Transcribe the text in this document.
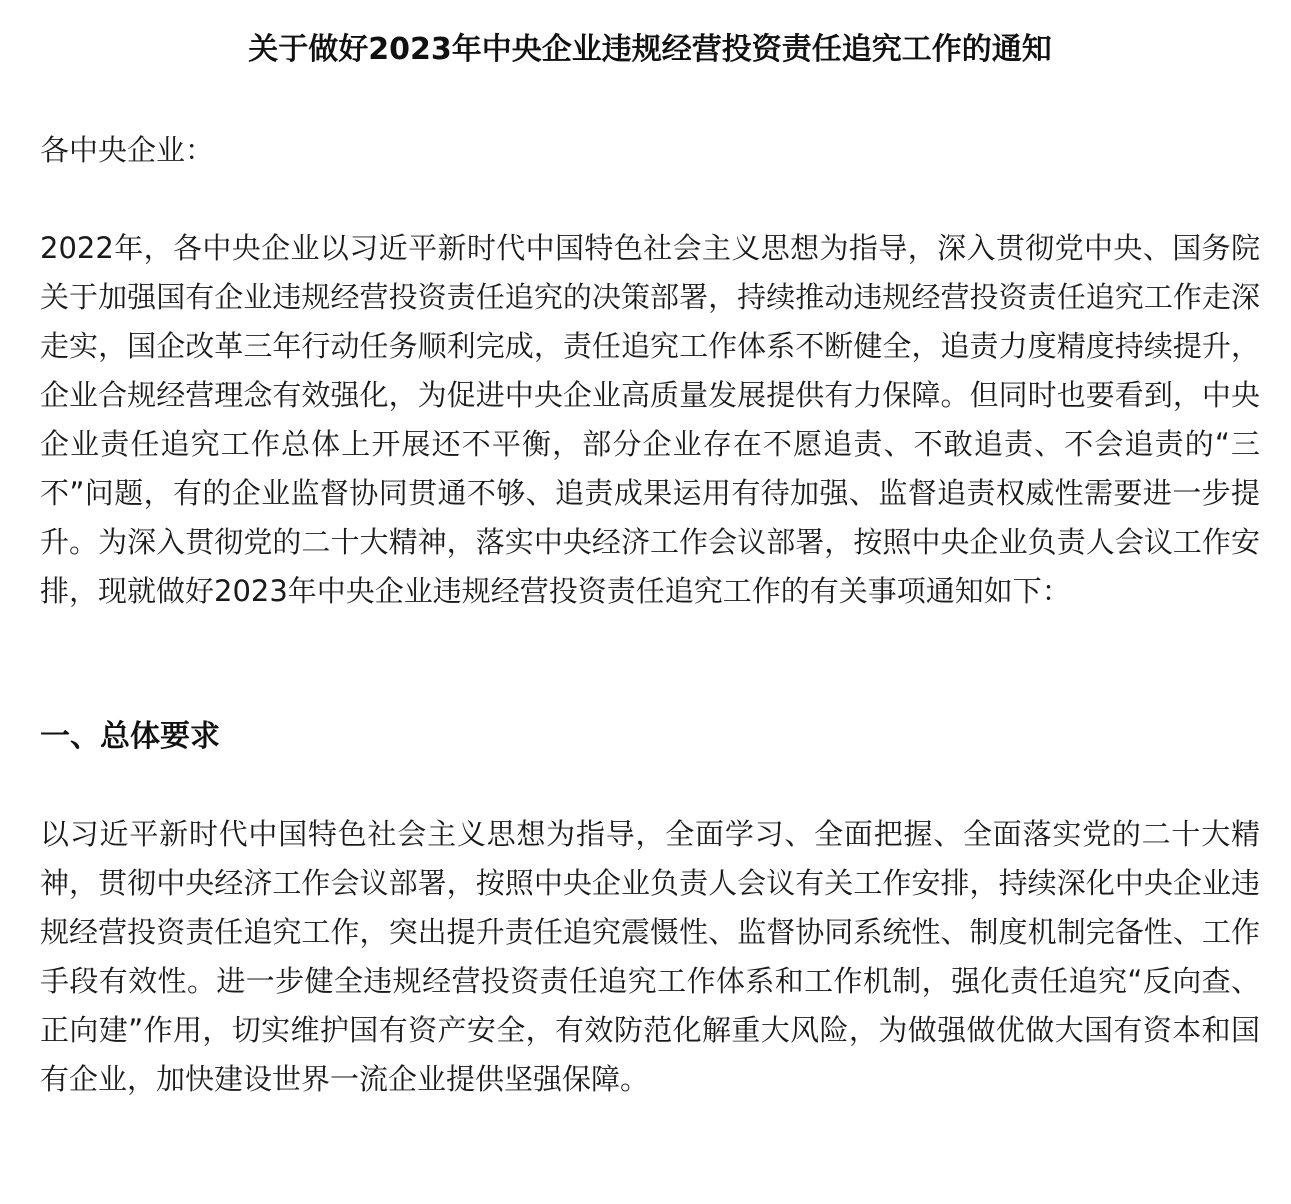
关于做好2023年中央企业违规经营投资责任追究工作的通知

各中央企业：

2022年，各中央企业以习近平新时代中国特色社会主义思想为指导，深入贯彻党中央、国务院关于加强国有企业违规经营投资责任追究的决策部署，持续推动违规经营投资责任追究工作走深走实，国企改革三年行动任务顺利完成，责任追究工作体系不断健全，追责力度精度持续提升，企业合规经营理念有效强化，为促进中央企业高质量发展提供有力保障。但同时也要看到，中央企业责任追究工作总体上开展还不平衡，部分企业存在不愿追责、不敢追责、不会追责的“三不”问题，有的企业监督协同贯通不够、追责成果运用有待加强、监督追责权威性需要进一步提升。为深入贯彻党的二十大精神，落实中央经济工作会议部署，按照中央企业负责人会议工作安排，现就做好2023年中央企业违规经营投资责任追究工作的有关事项通知如下：

一、总体要求

以习近平新时代中国特色社会主义思想为指导，全面学习、全面把握、全面落实党的二十大精神，贯彻中央经济工作会议部署，按照中央企业负责人会议有关工作安排，持续深化中央企业违规经营投资责任追究工作，突出提升责任追究震慑性、监督协同系统性、制度机制完备性、工作手段有效性。进一步健全违规经营投资责任追究工作体系和工作机制，强化责任追究“反向查、正向建”作用，切实维护国有资产安全，有效防范化解重大风险，为做强做优做大国有资本和国有企业，加快建设世界一流企业提供坚强保障。
